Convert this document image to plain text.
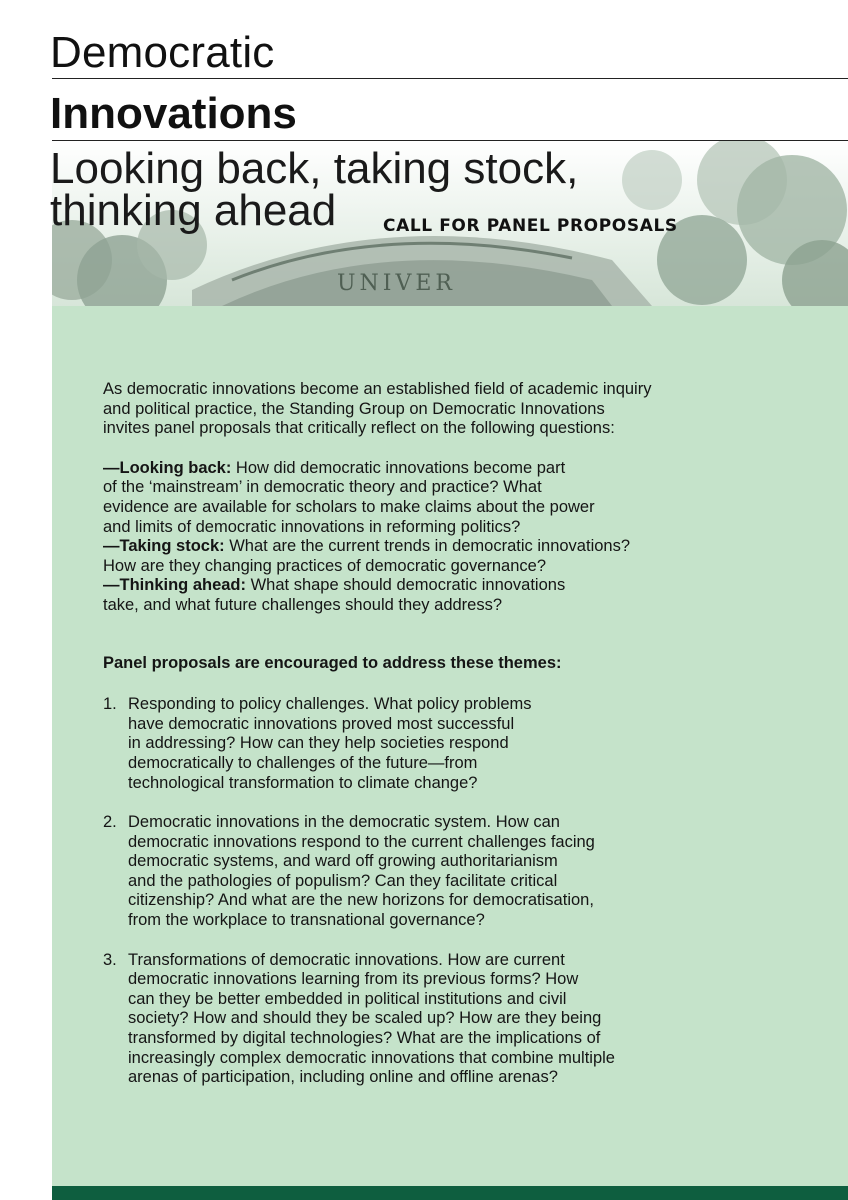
UNIVER
Democratic
Innovations
Looking back, taking stock,
thinking ahead	CALL FOR PANEL PROPOSALS

As democratic innovations become an established field of academic inquiry
and political practice, the Standing Group on Democratic Innovations
invites panel proposals that critically reflect on the following questions:

—Looking back: How did democratic innovations become part
of the ‘mainstream’ in democratic theory and practice? What
evidence are available for scholars to make claims about the power
and limits of democratic innovations in reforming politics?

—Taking stock: What are the current trends in democratic innovations?
How are they changing practices of democratic governance?

—Thinking ahead: What shape should democratic innovations
take, and what future challenges should they address?

Panel proposals are encouraged to address these themes:

1. Responding to policy challenges. What policy problems
have democratic innovations proved most successful
in addressing? How can they help societies respond
democratically to challenges of the future—from
technological transformation to climate change?
2. Democratic innovations in the democratic system. How can
democratic innovations respond to the current challenges facing
democratic systems, and ward off growing authoritarianism
and the pathologies of populism? Can they facilitate critical
citizenship? And what are the new horizons for democratisation,
from the workplace to transnational governance?
3. Transformations of democratic innovations. How are current
democratic innovations learning from its previous forms? How
can they be better embedded in political institutions and civil
society? How and should they be scaled up? How are they being
transformed by digital technologies? What are the implications of
increasingly complex democratic innovations that combine multiple
arenas of participation, including online and offline arenas?
